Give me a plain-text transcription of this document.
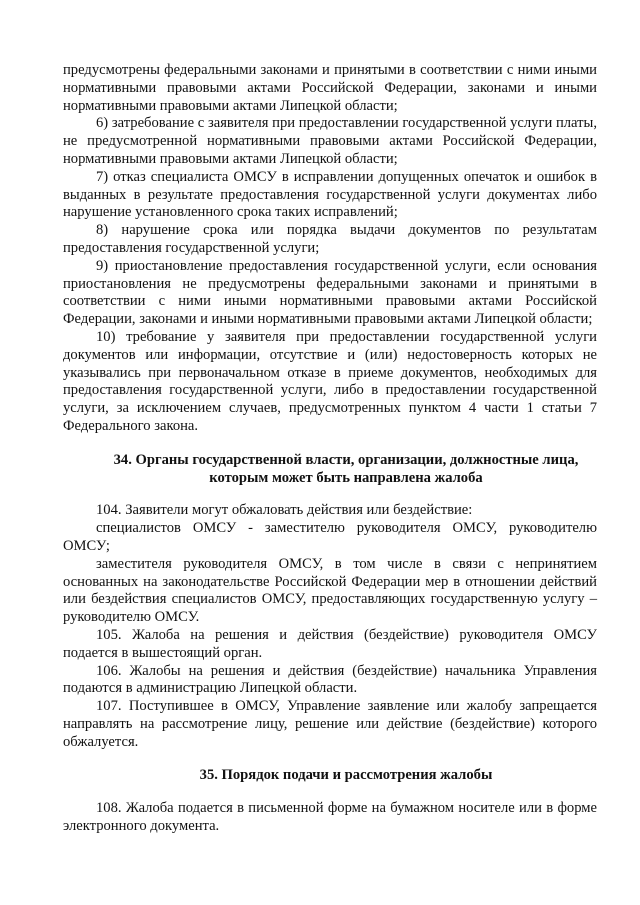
предусмотрены федеральными законами и принятыми в соответствии с ними иными нормативными правовыми актами Российской Федерации, законами и иными нормативными правовыми актами Липецкой области;

6) затребование с заявителя при предоставлении государственной услуги платы, не предусмотренной нормативными правовыми актами Российской Федерации, нормативными правовыми актами Липецкой области;

7) отказ специалиста ОМСУ в исправлении допущенных опечаток и ошибок в выданных в результате предоставления государственной услуги документах либо нарушение установленного срока таких исправлений;

8) нарушение срока или порядка выдачи документов по результатам предоставления государственной услуги;

9) приостановление предоставления государственной услуги, если основания приостановления не предусмотрены федеральными законами и принятыми в соответствии с ними иными нормативными правовыми актами Российской Федерации, законами и иными нормативными правовыми актами Липецкой области;

10) требование у заявителя при предоставлении государственной услуги документов или информации, отсутствие и (или) недостоверность которых не указывались при первоначальном отказе в приеме документов, необходимых для предоставления государственной услуги, либо в предоставлении государственной услуги, за исключением случаев, предусмотренных пунктом 4 части 1 статьи 7 Федерального закона.

34. Органы государственной власти, организации, должностные лица, которым может быть направлена жалоба

104. Заявители могут обжаловать действия или бездействие:

специалистов ОМСУ - заместителю руководителя ОМСУ, руководителю ОМСУ;

заместителя руководителя ОМСУ, в том числе в связи с непринятием основанных на законодательстве Российской Федерации мер в отношении действий или бездействия специалистов ОМСУ, предоставляющих государственную услугу – руководителю ОМСУ.

105. Жалоба на решения и действия (бездействие) руководителя ОМСУ подается в вышестоящий орган.

106. Жалобы на решения и действия (бездействие) начальника Управления подаются в администрацию Липецкой области.

107. Поступившее в ОМСУ, Управление заявление или жалобу запрещается направлять на рассмотрение лицу, решение или действие (бездействие) которого обжалуется.

35. Порядок подачи и рассмотрения жалобы

108. Жалоба подается в письменной форме на бумажном носителе или в форме электронного документа.
